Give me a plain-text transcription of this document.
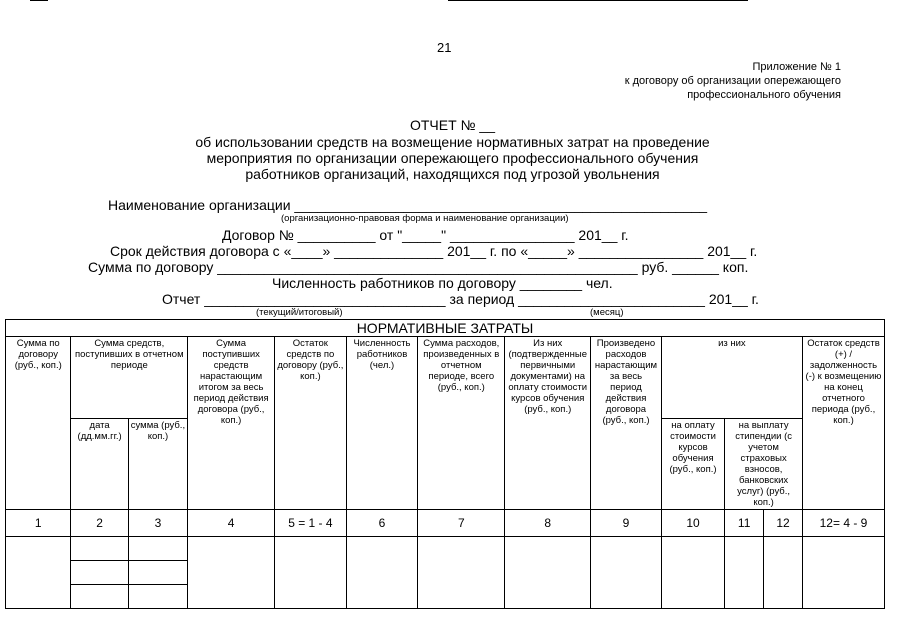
21
Приложение № 1
к договору об организации опережающего
профессионального обучения
ОТЧЕТ № __
об использовании средств на возмещение нормативных затрат на проведение
мероприятия по организации опережающего профессионального обучения
работников организаций, находящихся под угрозой увольнения
Наименование организации _____________________________________________________
(организационно-правовая форма и наименование организации)
Договор № __________ от "_____" ________________ 201__ г.
Срок действия договора с «____» ______________ 201__ г. по «_____» ________________ 201__ г.
Сумма по договору ______________________________________________________ руб. ______ коп.
Численность работников по договору ________ чел.
Отчет _______________________________ за период ________________________ 201__ г.
(текущий/итоговый)	(месяц)
НОРМАТИВНЫЕ ЗАТРАТЫ												
Сумма по договору (руб., коп.)	Сумма средств, поступивших в отчетном периоде		Сумма поступивших средств нарастающим итогом за весь период действия договора (руб., коп.)	Остаток средств по договору (руб., коп.)	Численность работников (чел.)	Сумма расходов, произведенных в отчетном периоде, всего (руб., коп.)	Из них (подтвержденные первичными документами) на оплату стоимости курсов обучения (руб., коп.)	Произведено расходов нарастающим за весь период действия договора (руб., коп.)	из них			Остаток средств (+) / задолженность (-) к возмещению на конец отчетного периода (руб., коп.)
	дата (дд.мм.гг.)	сумма (руб., коп.)							на оплату стоимости курсов обучения (руб., коп.)	на выплату стипендии (с учетом страховых взносов, банковских услуг) (руб., коп.)		
1	2	3	4	5 = 1 - 4	6	7	8	9	10	11	12	12= 4 - 9
